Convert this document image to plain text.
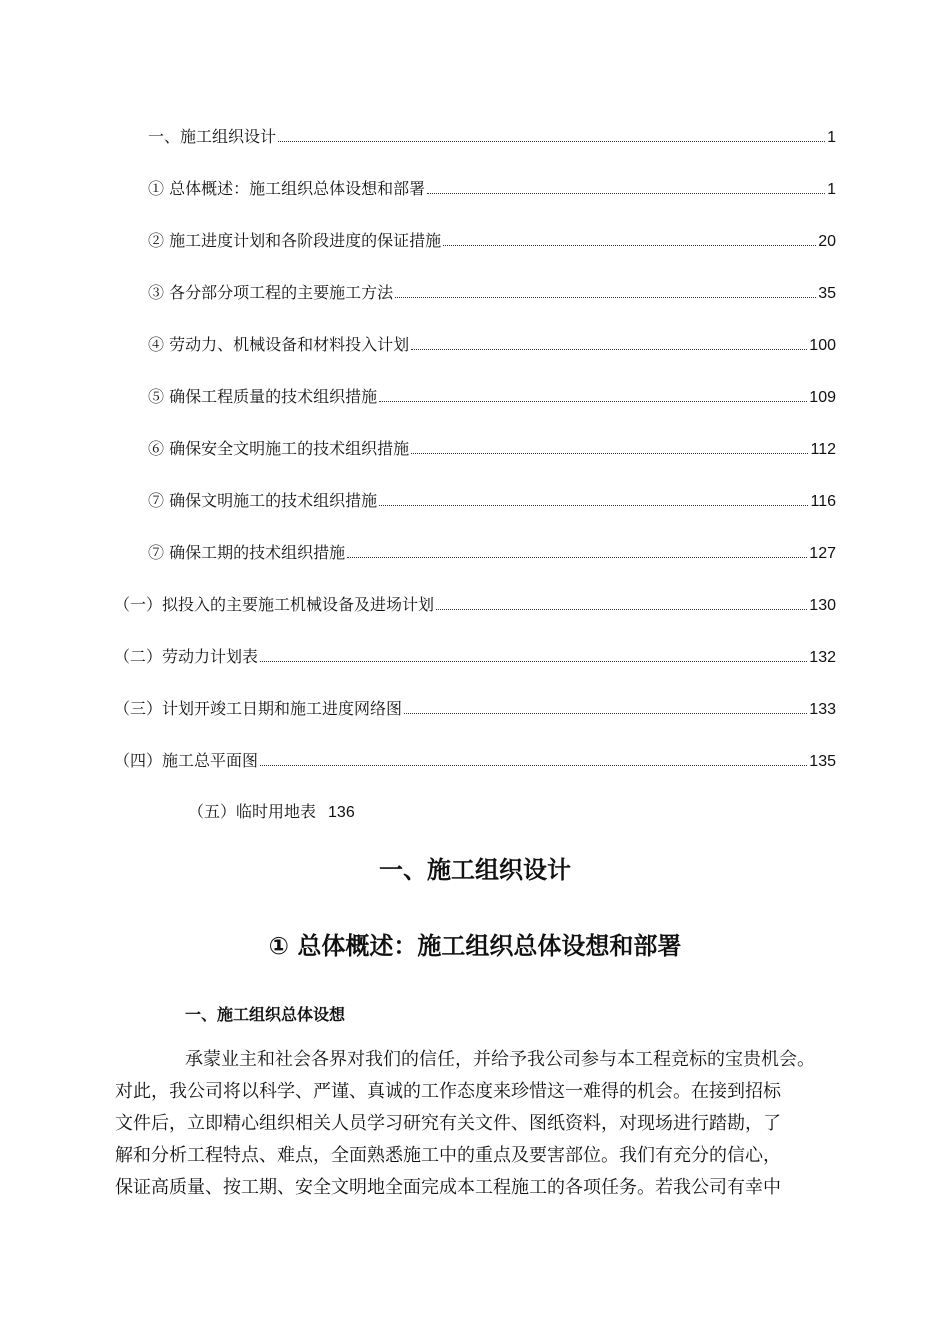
一、施工组织设计	1
① 总体概述：施工组织总体设想和部署	1
② 施工进度计划和各阶段进度的保证措施	20
③ 各分部分项工程的主要施工方法	35
④ 劳动力、机械设备和材料投入计划	100
⑤ 确保工程质量的技术组织措施	109
⑥ 确保安全文明施工的技术组织措施	112
⑦ 确保文明施工的技术组织措施	116
⑦ 确保工期的技术组织措施	127
（一）拟投入的主要施工机械设备及进场计划	130
（二）劳动力计划表	132
（三）计划开竣工日期和施工进度网络图	133
（四）施工总平面图	135
（五）临时用地表 136
一、施工组织设计
① 总体概述：施工组织总体设想和部署
一、施工组织总体设想
承蒙业主和社会各界对我们的信任，并给予我公司参与本工程竞标的宝贵机会。
对此，我公司将以科学、严谨、真诚的工作态度来珍惜这一难得的机会。在接到招标
文件后，立即精心组织相关人员学习研究有关文件、图纸资料，对现场进行踏勘，了
解和分析工程特点、难点，全面熟悉施工中的重点及要害部位。我们有充分的信心，
保证高质量、按工期、安全文明地全面完成本工程施工的各项任务。若我公司有幸中
